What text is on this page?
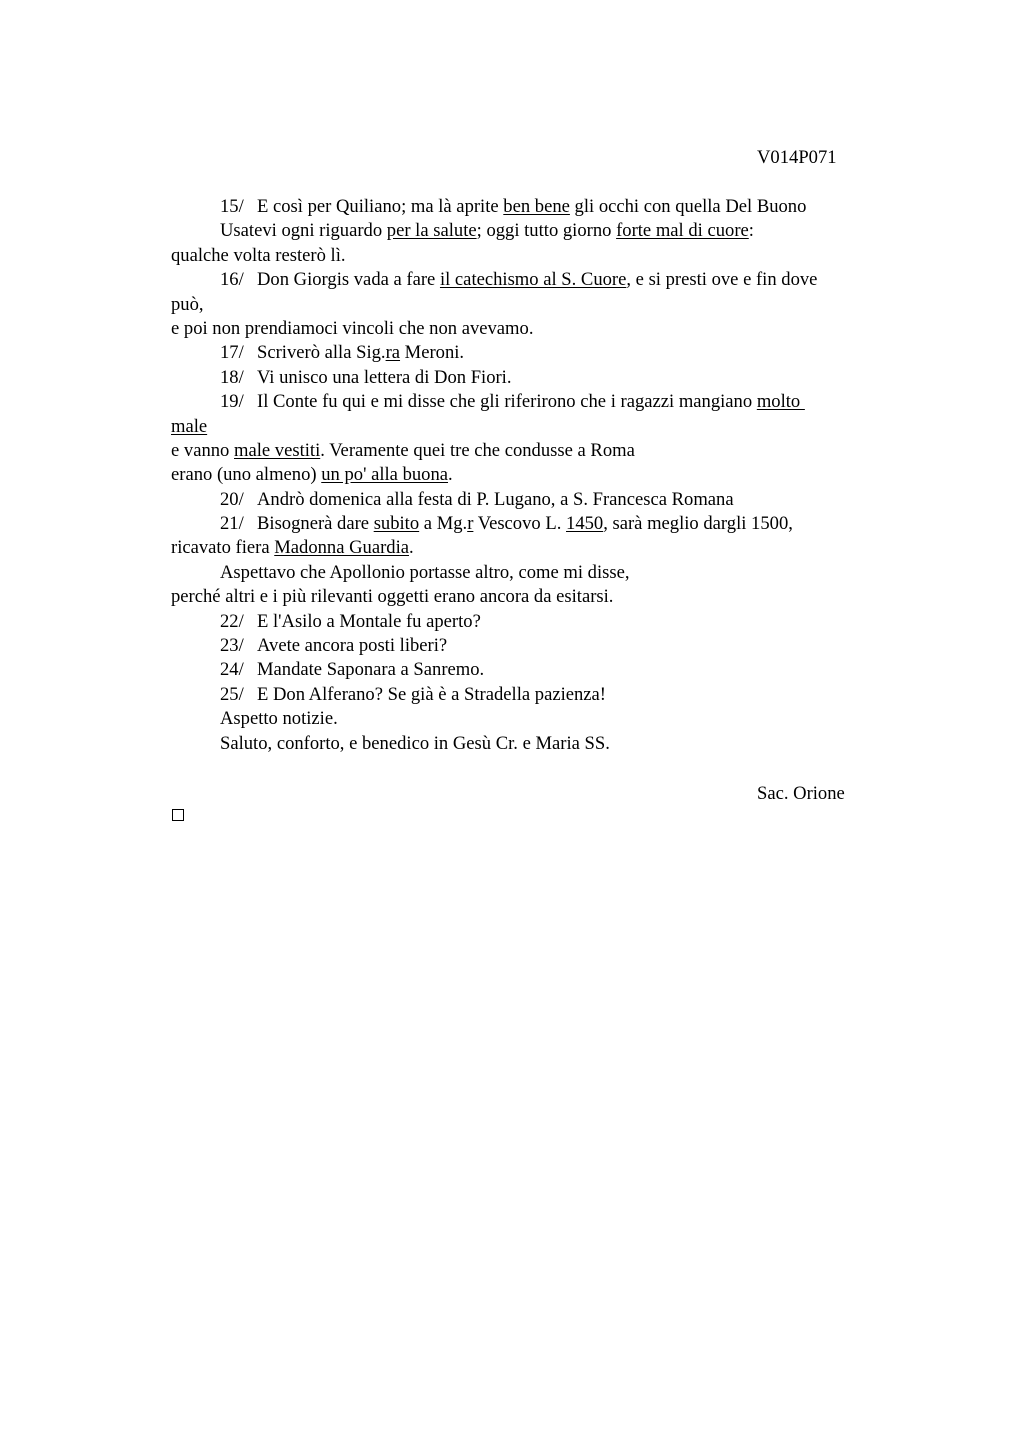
V014P071
15/ E così per Quiliano; ma là aprite ben bene gli occhi con quella Del Buono
Usatevi ogni riguardo per la salute; oggi tutto giorno forte mal di cuore:
qualche volta resterò lì.
16/ Don Giorgis vada a fare il catechismo al S. Cuore, e si presti ove e fin dove
può,
e poi non prendiamoci vincoli che non avevamo.
17/ Scriverò alla Sig.ra Meroni.
18/ Vi unisco una lettera di Don Fiori.
19/ Il Conte fu qui e mi disse che gli riferirono che i ragazzi mangiano molto
male
e vanno male vestiti. Veramente quei tre che condusse a Roma
erano (uno almeno) un po' alla buona.
20/ Andrò domenica alla festa di P. Lugano, a S. Francesca Romana
21/ Bisognerà dare subito a Mg.r Vescovo L. 1450, sarà meglio dargli 1500,
ricavato fiera Madonna Guardia.
Aspettavo che Apollonio portasse altro, come mi disse,
perché altri e i più rilevanti oggetti erano ancora da esitarsi.
22/ E l'Asilo a Montale fu aperto?
23/ Avete ancora posti liberi?
24/ Mandate Saponara a Sanremo.
25/ E Don Alferano? Se già è a Stradella pazienza!
Aspetto notizie.
Saluto, conforto, e benedico in Gesù Cr. e Maria SS.
Sac. Orione
